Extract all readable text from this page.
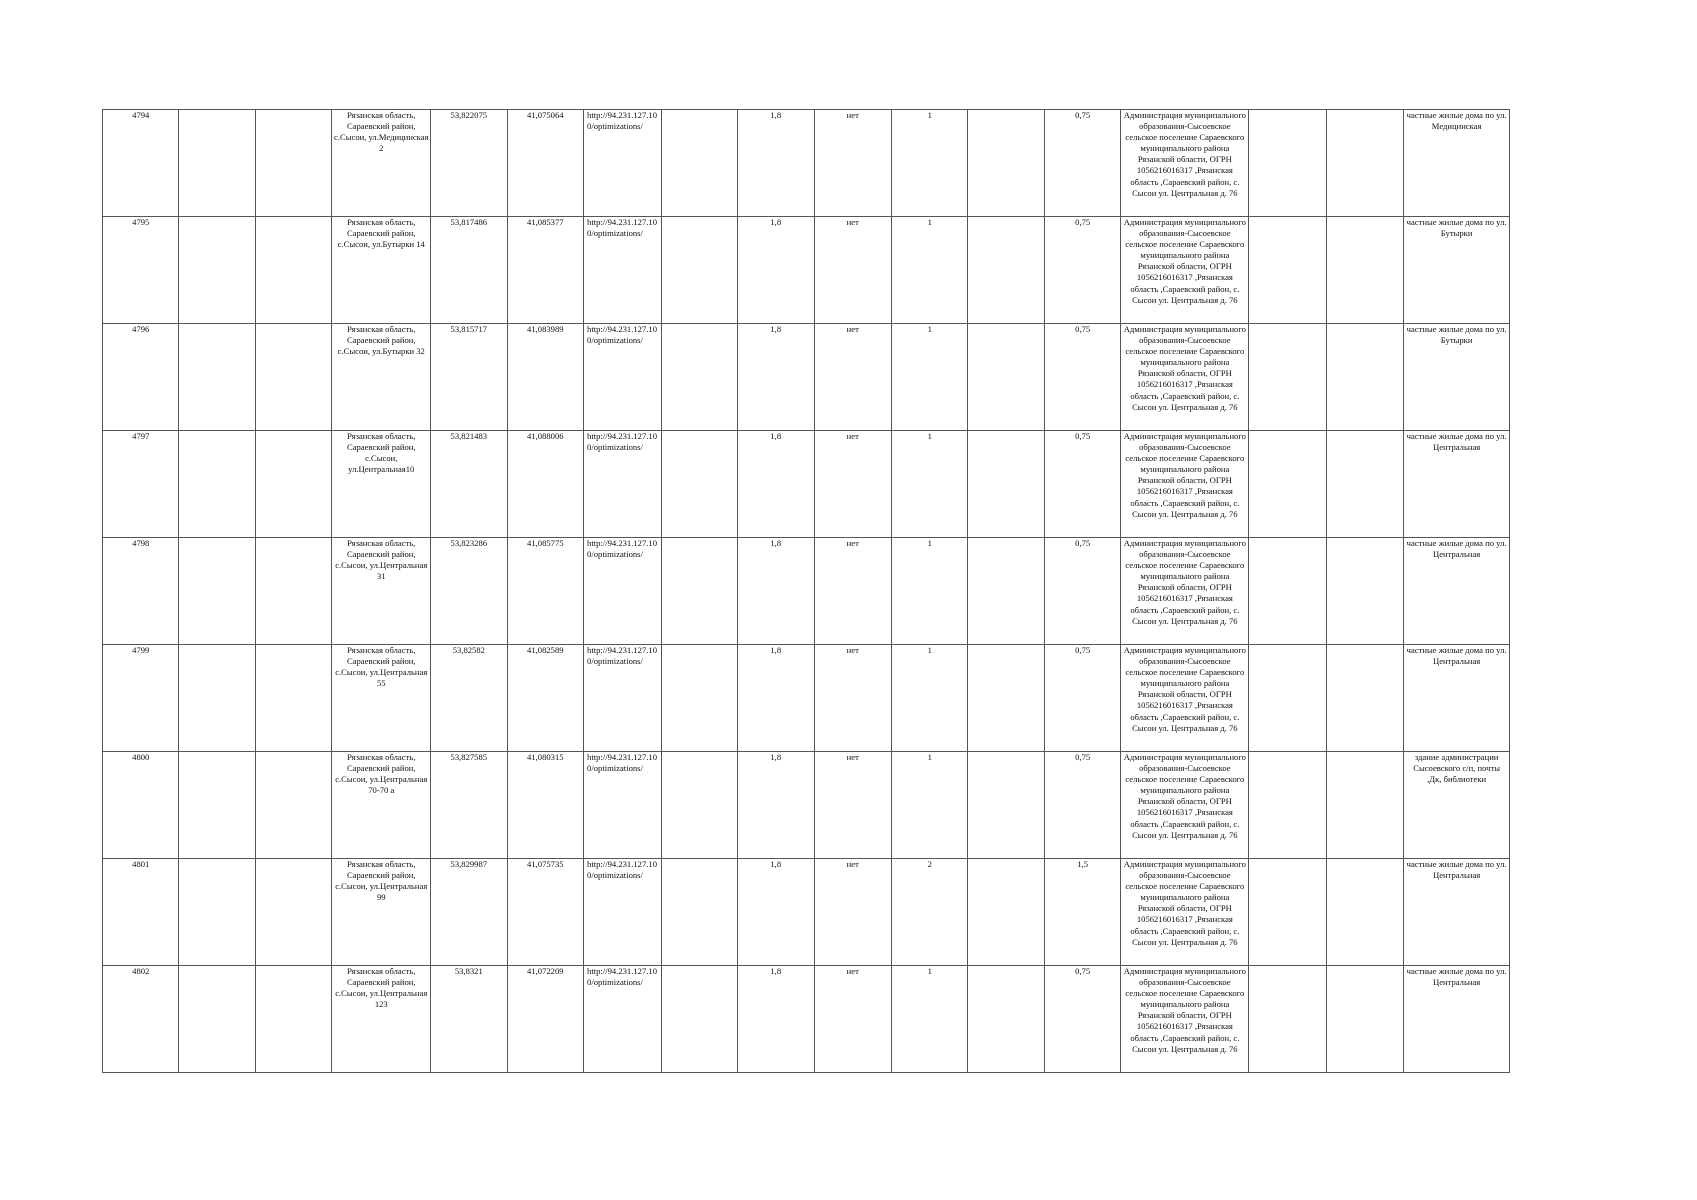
4794			Рязанская область, Сараевский район, с.Сысои, ул.Медицинская 2	53,822075	41,075064	http://94.231.127.10 0/optimizations/		1,8	нет	1		0,75	Администрация муниципального образования-Сысоевское сельское поселение Сараевского муниципального района Рязанской области, ОГРН 1056216016317 ,Рязанская область ,Сараевский район, с. Сысои ул. Центральная д. 76			частные жилые дома по ул. Медицинская
4795			Рязанская область, Сараевский район, с.Сысои, ул.Бутырки 14	53,817486	41,085377	http://94.231.127.10 0/optimizations/		1,8	нет	1		0,75	Администрация муниципального образования-Сысоевское сельское поселение Сараевского муниципального района Рязанской области, ОГРН 1056216016317 ,Рязанская область ,Сараевский район, с. Сысои ул. Центральная д. 76			частные жилые дома по ул. Бутырки
4796			Рязанская область, Сараевский район, с.Сысои, ул.Бутырки 32	53,815717	41,083989	http://94.231.127.10 0/optimizations/		1,8	нет	1		0,75	Администрация муниципального образования-Сысоевское сельское поселение Сараевского муниципального района Рязанской области, ОГРН 1056216016317 ,Рязанская область ,Сараевский район, с. Сысои ул. Центральная д. 76			частные жилые дома по ул. Бутырки
4797			Рязанская область, Сараевский район, с.Сысои, ул.Центральная10	53,821483	41,088006	http://94.231.127.10 0/optimizations/		1,8	нет	1		0,75	Администрация муниципального образования-Сысоевское сельское поселение Сараевского муниципального района Рязанской области, ОГРН 1056216016317 ,Рязанская область ,Сараевский район, с. Сысои ул. Центральная д. 76			частные жилые дома по ул. Центральная
4798			Рязанская область, Сараевский район, с.Сысои, ул.Центральная 31	53,823286	41,085775	http://94.231.127.10 0/optimizations/		1,8	нет	1		0,75	Администрация муниципального образования-Сысоевское сельское поселение Сараевского муниципального района Рязанской области, ОГРН 1056216016317 ,Рязанская область ,Сараевский район, с. Сысои ул. Центральная д. 76			частные жилые дома по ул. Центральная
4799			Рязанская область, Сараевский район, с.Сысои, ул.Центральная 55	53,82582	41,082589	http://94.231.127.10 0/optimizations/		1,8	нет	1		0,75	Администрация муниципального образования-Сысоевское сельское поселение Сараевского муниципального района Рязанской области, ОГРН 1056216016317 ,Рязанская область ,Сараевский район, с. Сысои ул. Центральная д. 76			частные жилые дома по ул. Центральная
4800			Рязанская область, Сараевский район, с.Сысои, ул.Центральная 70-70 а	53,827585	41,080315	http://94.231.127.10 0/optimizations/		1,8	нет	1		0,75	Администрация муниципального образования-Сысоевское сельское поселение Сараевского муниципального района Рязанской области, ОГРН 1056216016317 ,Рязанская область ,Сараевский район, с. Сысои ул. Центральная д. 76			здание администрации Сысоевского с/п, почты ,Дк, библиотеки
4801			Рязанская область, Сараевский район, с.Сысои, ул.Центральная 99	53,829987	41,075735	http://94.231.127.10 0/optimizations/		1,8	нет	2		1,5	Администрация муниципального образования-Сысоевское сельское поселение Сараевского муниципального района Рязанской области, ОГРН 1056216016317 ,Рязанская область ,Сараевский район, с. Сысои ул. Центральная д. 76			частные жилые дома по ул. Центральная
4802			Рязанская область, Сараевский район, с.Сысои, ул.Центральная 123	53,8321	41,072209	http://94.231.127.10 0/optimizations/		1,8	нет	1		0,75	Администрация муниципального образования-Сысоевское сельское поселение Сараевского муниципального района Рязанской области, ОГРН 1056216016317 ,Рязанская область ,Сараевский район, с. Сысои ул. Центральная д. 76			частные жилые дома по ул. Центральная
